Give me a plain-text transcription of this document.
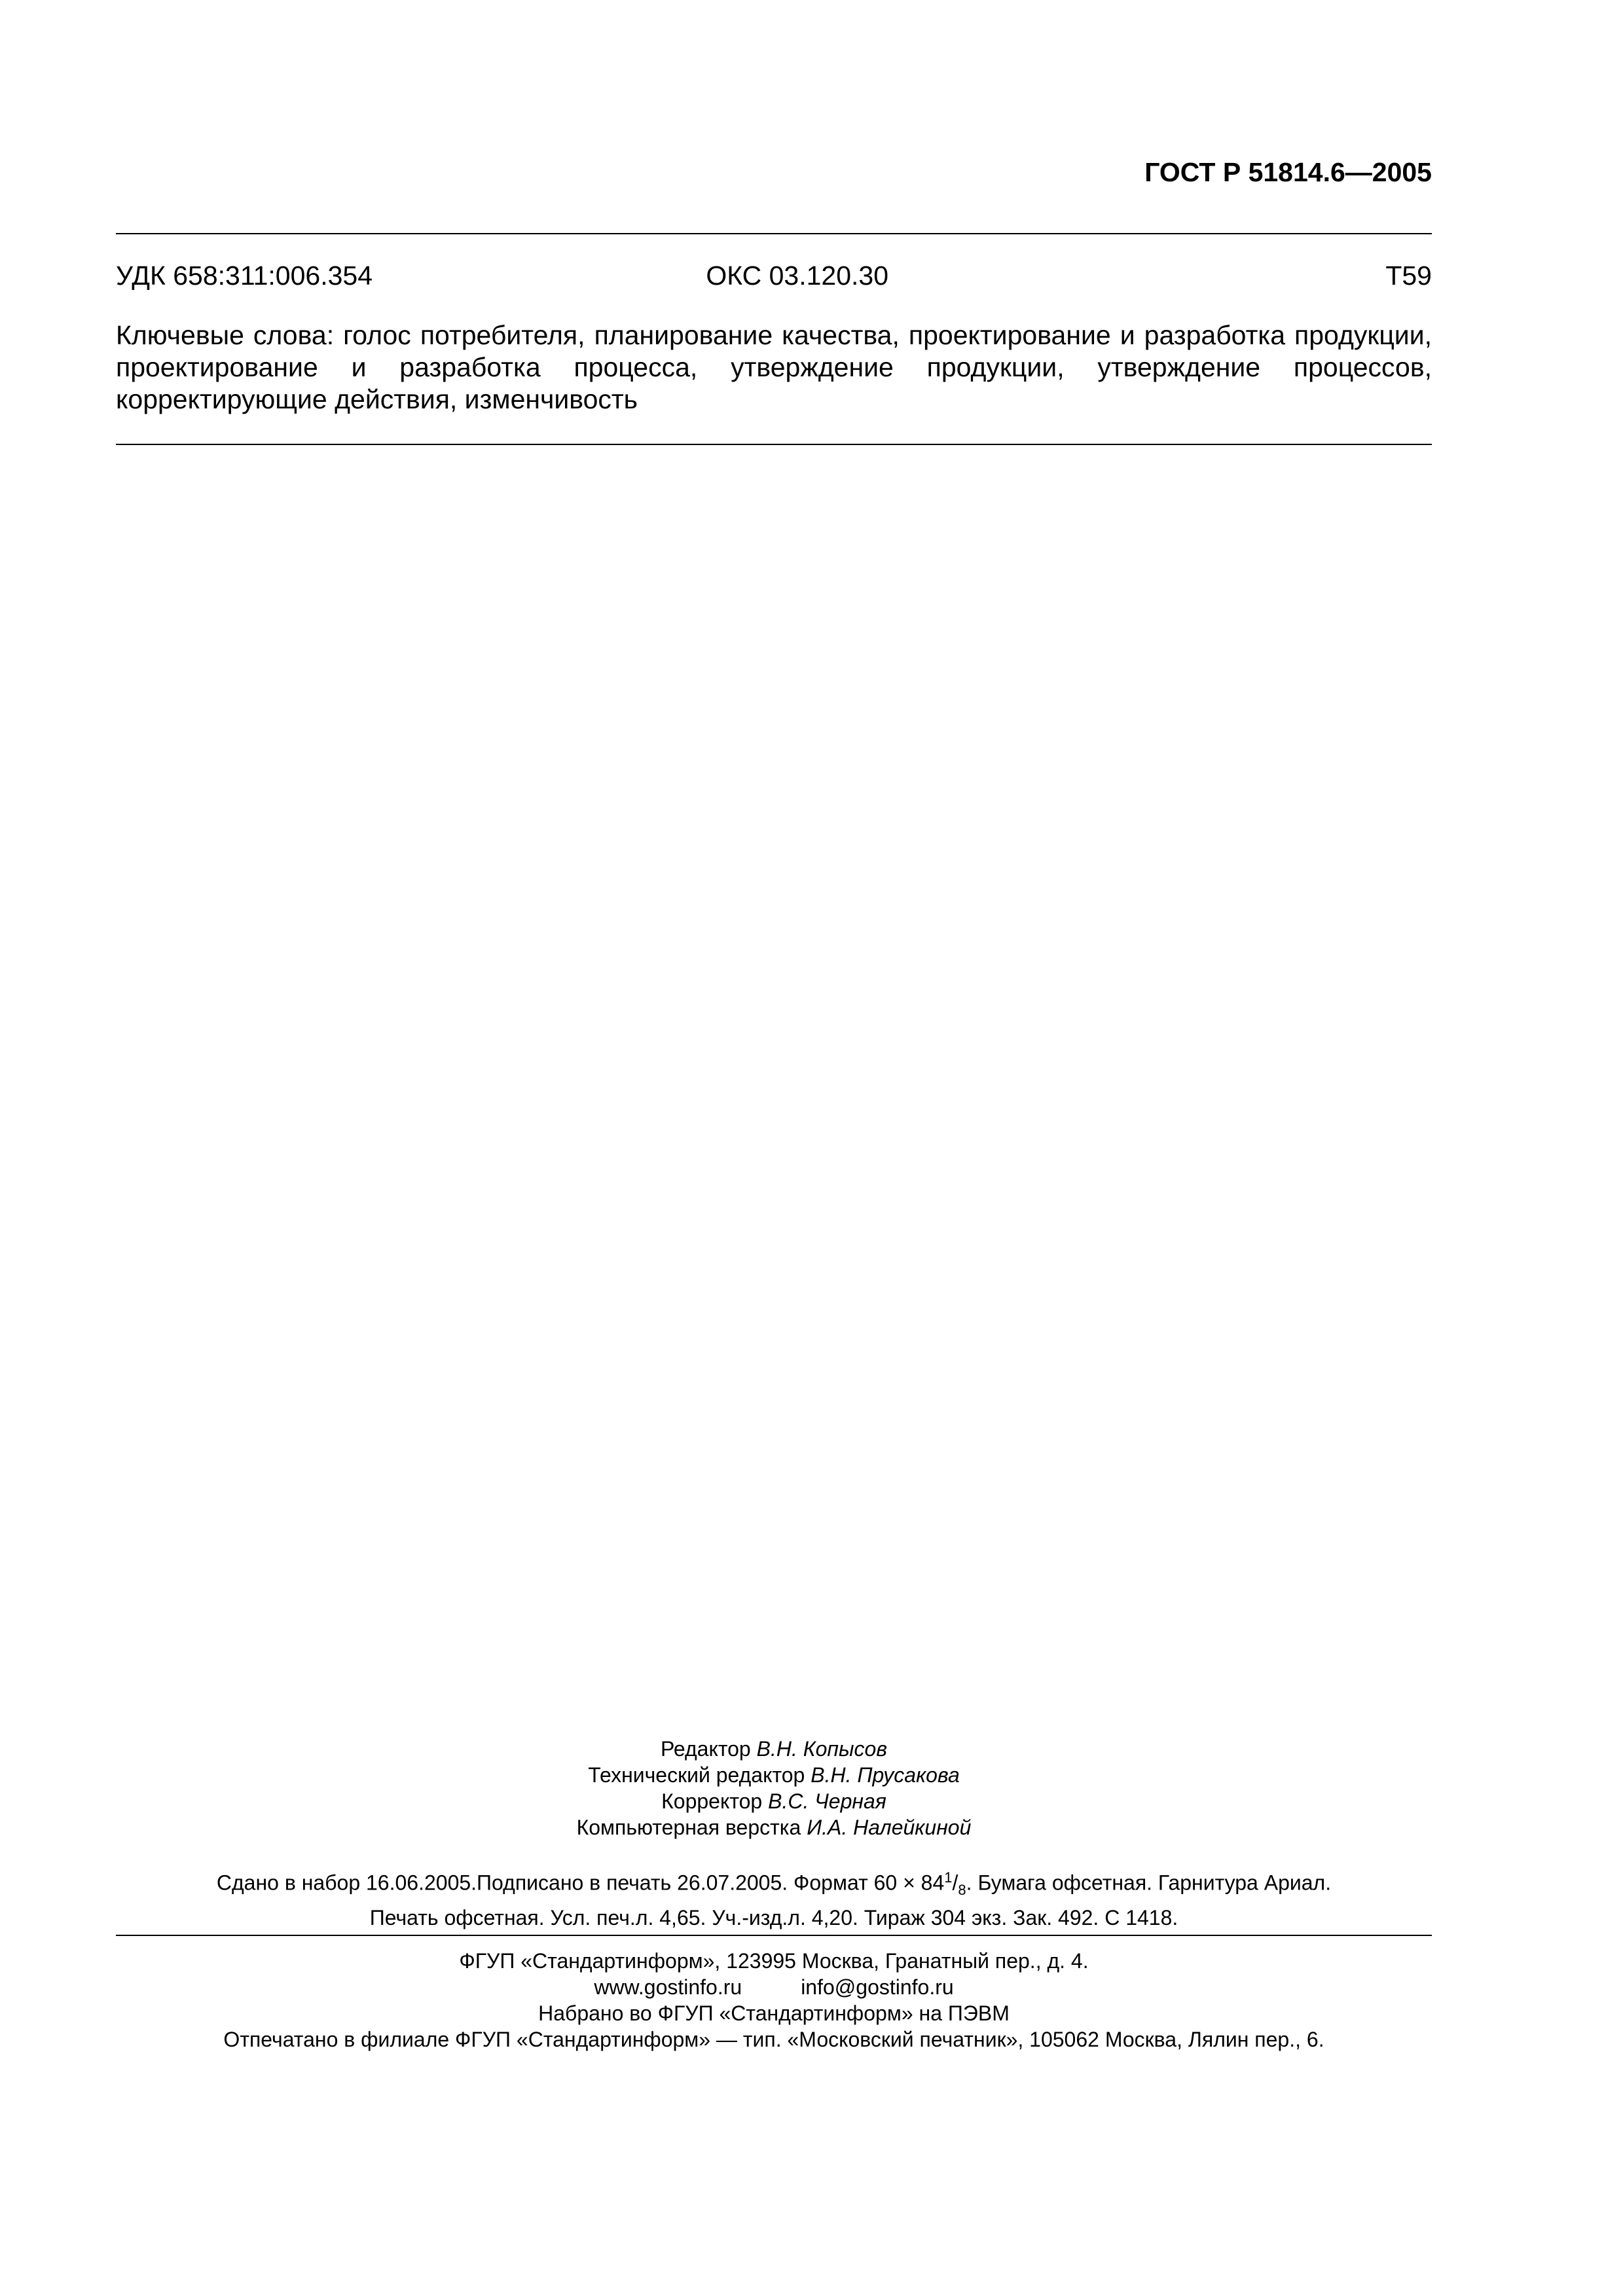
ГОСТ Р 51814.6—2005
УДК 658:311:006.354	ОКС 03.120.30	Т59
Ключевые слова: голос потребителя, планирование качества, проектирование и разработка продукции, проектирование и разработка процесса, утверждение продукции, утверждение процессов, корректирующие действия, изменчивость
Редактор В.Н. Копысов
Технический редактор В.Н. Прусакова
Корректор В.С. Черная
Компьютерная верстка И.А. Налейкиной
Сдано в набор 16.06.2005.Подписано в печать 26.07.2005. Формат $60 \times 84^1/_8$. Бумага офсетная. Гарнитура Ариал.
Печать офсетная. Усл. печ.л. 4,65. Уч.-изд.л. 4,20. Тираж 304 экз. Зак. 492. С 1418.
ФГУП «Стандартинформ», 123995 Москва, Гранатный пер., д. 4.
www.gostinfo.ru	info@gostinfo.ru
Набрано во ФГУП «Стандартинформ» на ПЭВМ
Отпечатано в филиале ФГУП «Стандартинформ» — тип. «Московский печатник», 105062 Москва, Лялин пер., 6.
